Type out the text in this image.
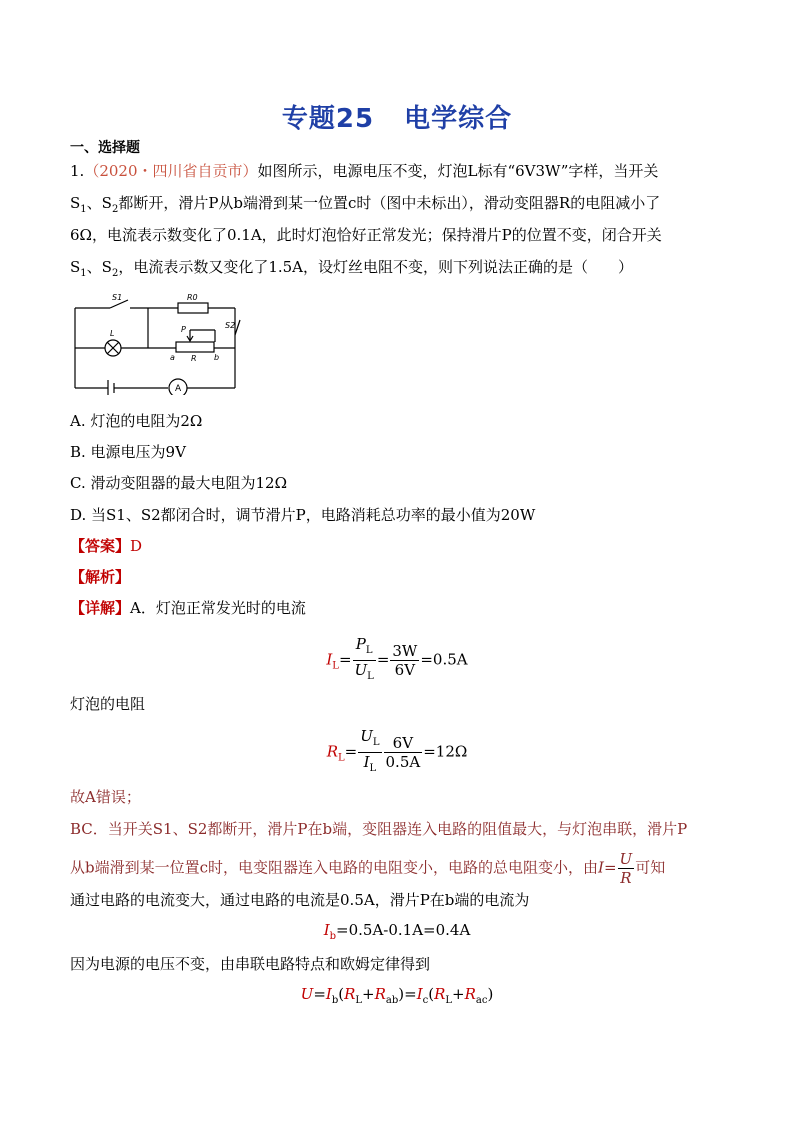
专题25 电学综合
一、选择题
1.（2020・四川省自贡市）如图所示，电源电压不变，灯泡L标有“6V3W”字样，当开关
$S_1$、$S_2$都断开，滑片P从b端滑到某一位置c时（图中未标出），滑动变阻器R的电阻减小了
6Ω，电流表示数变化了0.1A，此时灯泡恰好正常发光；保持滑片P的位置不变，闭合开关
$S_1$、$S_2$，电流表示数又变化了1.5A，设灯丝电阻不变，则下列说法正确的是（　　）
S1	R0
L	P	S2
a R b
A
A. 灯泡的电阻为2Ω
B. 电源电压为9V
C. 滑动变阻器的最大电阻为12Ω
D. 当S1、S2都闭合时，调节滑片P，电路消耗总功率的最小值为20W
【答案】D
【解析】
【详解】A．灯泡正常发光时的电流
$I_L= \frac{P_L}{U_L} = \frac{3W}{6V} =0.5A$
灯泡的电阻
$R_L= \frac{U_L}{I_L} \frac{6V}{0.5A} =12\Omega$
故A错误；
BC．当开关S1、S2都断开，滑片P在b端，变阻器连入电路的阻值最大，与灯泡串联，滑片P
从b端滑到某一位置c时，电变阻器连入电路的电阻变小，电路的总电阻变小，由$I= \frac{U}{R}$ 可知
通过电路的电流变大，通过电路的电流是0.5A，滑片P在b端的电流为
$I_b=0.5A-0.1A=0.4A$
因为电源的电压不变，由串联电路特点和欧姆定律得到
$U=I_b(R_L+R_{ab})=I_c(R_L+R_{ac})$
